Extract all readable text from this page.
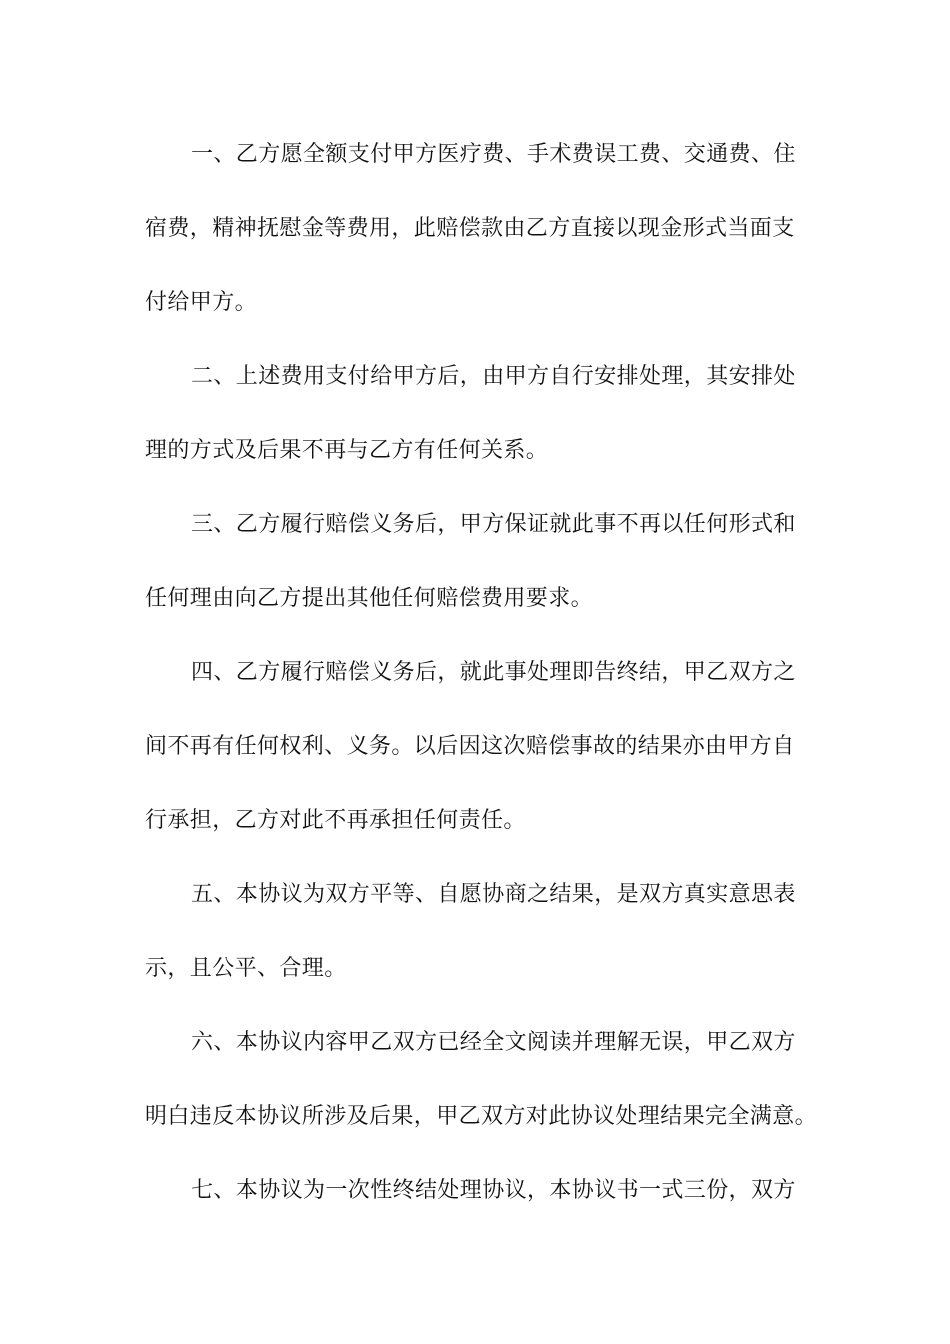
一、乙方愿全额支付甲方医疗费、手术费误工费、交通费、住
宿费，精神抚慰金等费用，此赔偿款由乙方直接以现金形式当面支
付给甲方。
二、上述费用支付给甲方后，由甲方自行安排处理，其安排处
理的方式及后果不再与乙方有任何关系。
三、乙方履行赔偿义务后，甲方保证就此事不再以任何形式和
任何理由向乙方提出其他任何赔偿费用要求。
四、乙方履行赔偿义务后，就此事处理即告终结，甲乙双方之
间不再有任何权利、义务。以后因这次赔偿事故的结果亦由甲方自
行承担，乙方对此不再承担任何责任。
五、本协议为双方平等、自愿协商之结果，是双方真实意思表
示，且公平、合理。
六、本协议内容甲乙双方已经全文阅读并理解无误，甲乙双方
明白违反本协议所涉及后果，甲乙双方对此协议处理结果完全满意。
七、本协议为一次性终结处理协议，本协议书一式三份，双方
